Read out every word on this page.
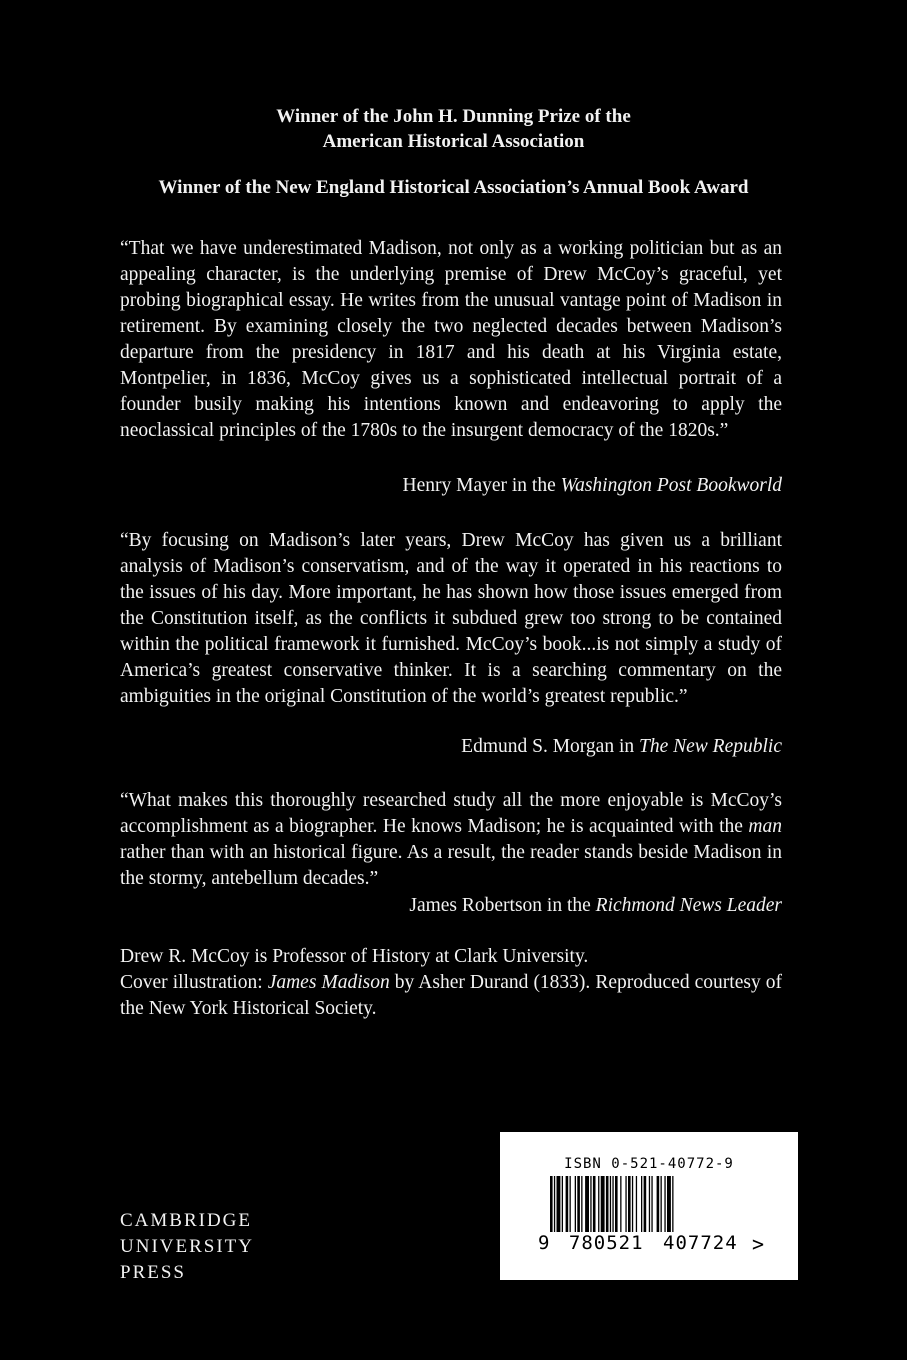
Winner of the John H. Dunning Prize of the
American Historical Association
Winner of the New England Historical Association’s Annual Book Award

“That we have underestimated Madison, not only as a working politician but as an appealing character, is the underlying premise of Drew McCoy’s graceful, yet probing biographical essay. He writes from the unusual vantage point of Madison in retirement. By examining closely the two neglected decades between Madison’s departure from the presidency in 1817 and his death at his Virginia estate, Montpelier, in 1836, McCoy gives us a sophisticated intellectual portrait of a founder busily making his intentions known and endeavoring to apply the neoclassical principles of the 1780s to the insurgent democracy of the 1820s.”

Henry Mayer in the Washington Post Bookworld

“By focusing on Madison’s later years, Drew McCoy has given us a brilliant analysis of Madison’s conservatism, and of the way it operated in his reactions to the issues of his day. More important, he has shown how those issues emerged from the Constitution itself, as the conflicts it subdued grew too strong to be contained within the political framework it furnished. McCoy’s book...is not simply a study of America’s greatest conservative thinker. It is a searching commentary on the ambiguities in the original Constitution of the world’s greatest republic.”

Edmund S. Morgan in The New Republic

“What makes this thoroughly researched study all the more enjoyable is McCoy’s accomplishment as a biographer. He knows Madison; he is acquainted with the man rather than with an historical figure. As a result, the reader stands beside Madison in the stormy, antebellum decades.”

James Robertson in the Richmond News Leader
Drew R. McCoy is Professor of History at Clark University.
Cover illustration: James Madison by Asher Durand (1833). Reproduced courtesy of the New York Historical Society.
CAMBRIDGE
UNIVERSITY
PRESS
ISBN 0-521-40772-9
9 780521 407724 >
